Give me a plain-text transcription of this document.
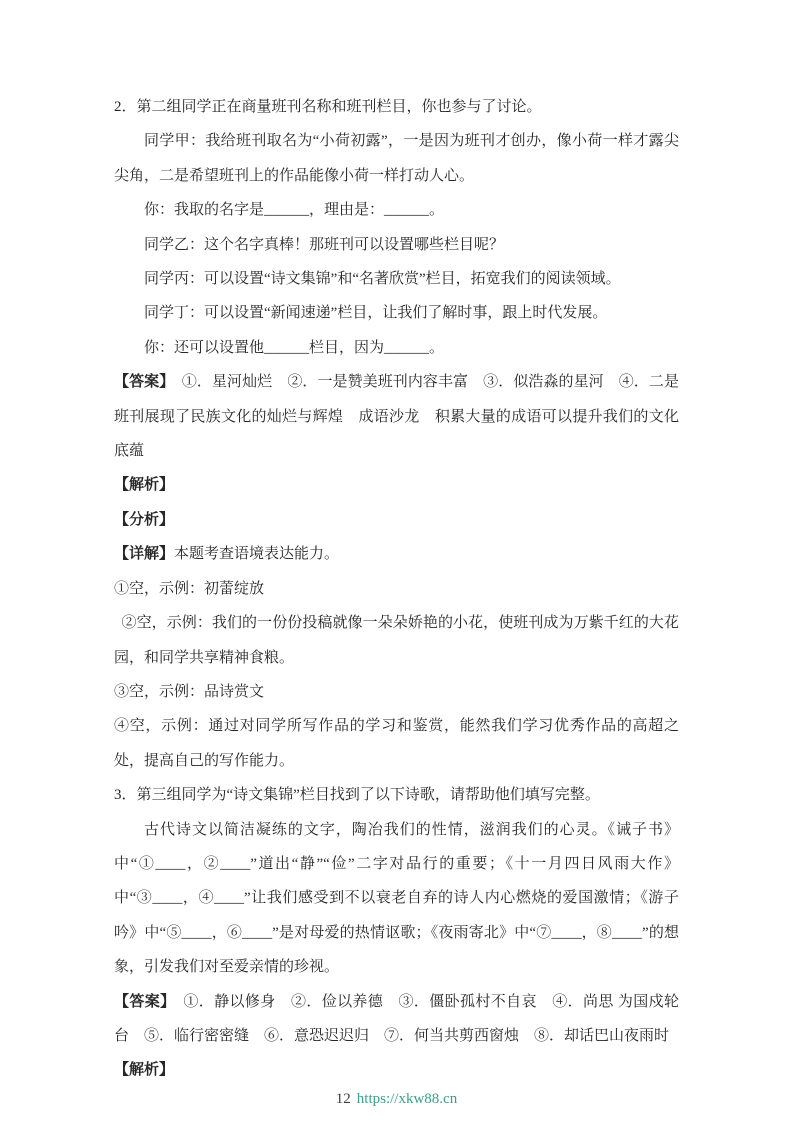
2．第二组同学正在商量班刊名称和班刊栏目，你也参与了讨论。

同学甲：我给班刊取名为“小荷初露”，一是因为班刊才创办，像小荷一样才露尖尖角，二是希望班刊上的作品能像小荷一样打动人心。

你：我取的名字是______，理由是：______。

同学乙：这个名字真棒！那班刊可以设置哪些栏目呢？

同学丙：可以设置“诗文集锦”和“名著欣赏”栏目，拓宽我们的阅读领域。

同学丁：可以设置“新闻速递”栏目，让我们了解时事，跟上时代发展。

你：还可以设置他______栏目，因为______。

【答案】　①．星河灿烂　②．一是赞美班刊内容丰富　③．似浩淼的星河　④．二是班刊展现了民族文化的灿烂与辉煌　成语沙龙　积累大量的成语可以提升我们的文化底蕴

【解析】

【分析】

【详解】本题考查语境表达能力。

①空，示例：初蕾绽放

②空，示例：我们的一份份投稿就像一朵朵娇艳的小花，使班刊成为万紫千红的大花园，和同学共享精神食粮。

③空，示例：品诗赏文

④空，示例：通过对同学所写作品的学习和鉴赏，能然我们学习优秀作品的高超之处，提高自己的写作能力。

3．第三组同学为“诗文集锦”栏目找到了以下诗歌，请帮助他们填写完整。

古代诗文以简洁凝练的文字，陶冶我们的性情，滋润我们的心灵。《诫子书》中“①____，②____”道出“静”“俭”二字对品行的重要；《十一月四日风雨大作》中“③____，④____”让我们感受到不以衰老自弃的诗人内心燃烧的爱国激情；《游子吟》中“⑤____，⑥____”是对母爱的热情讴歌；《夜雨寄北》中“⑦____，⑧____”的想象，引发我们对至爱亲情的珍视。

【答案】　①．静以修身　②．俭以养德　③．僵卧孤村不自哀　④．尚思 为国戍轮台　⑤．临行密密缝　⑥．意恐迟迟归　⑦．何当共剪西窗烛　⑧．却话巴山夜雨时

【解析】

12 https://xkw88.cn
